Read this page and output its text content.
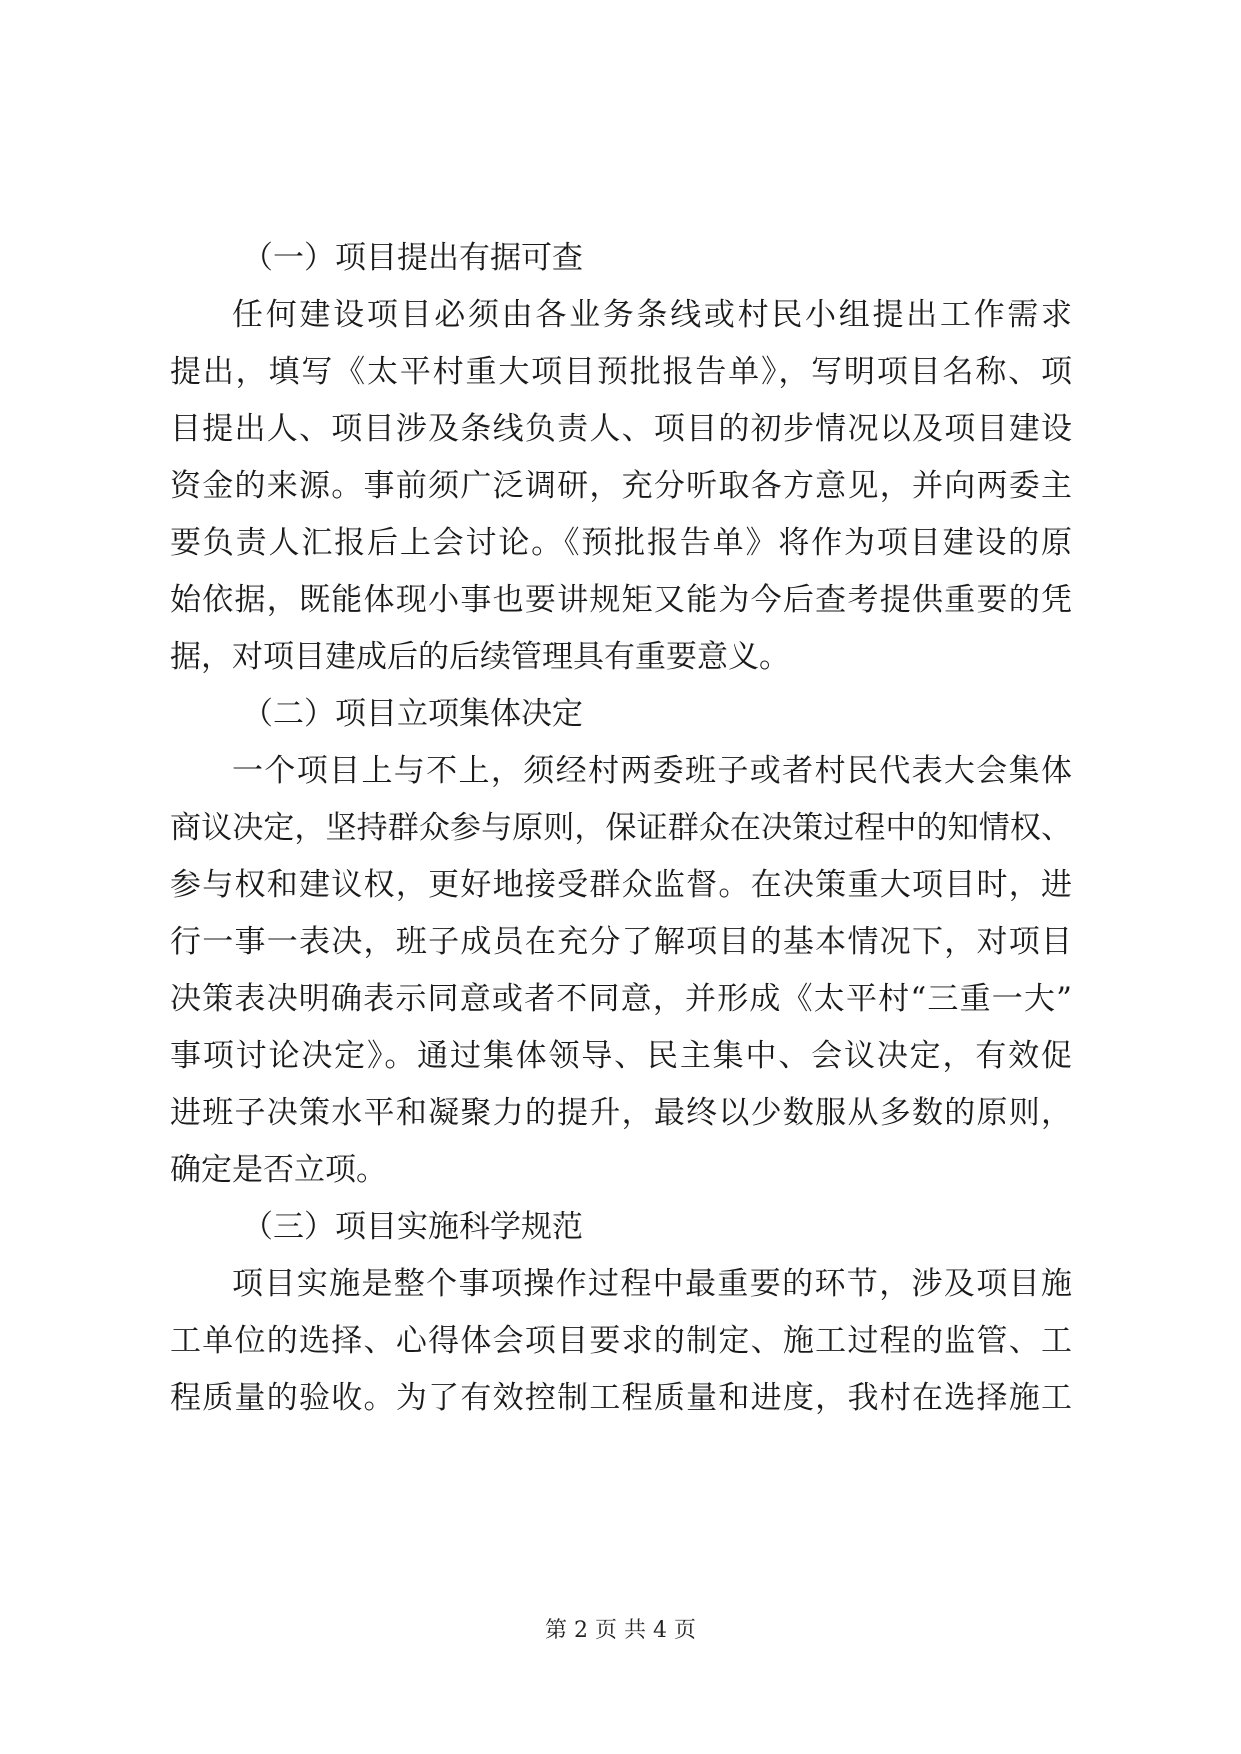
（一）项目提出有据可查

任何建设项目必须由各业务条线或村民小组提出工作需求
提出，填写《太平村重大项目预批报告单》，写明项目名称、项
目提出人、项目涉及条线负责人、项目的初步情况以及项目建设
资金的来源。事前须广泛调研，充分听取各方意见，并向两委主
要负责人汇报后上会讨论。《预批报告单》将作为项目建设的原
始依据，既能体现小事也要讲规矩又能为今后查考提供重要的凭
据，对项目建成后的后续管理具有重要意义。

（二）项目立项集体决定

一个项目上与不上，须经村两委班子或者村民代表大会集体
商议决定，坚持群众参与原则，保证群众在决策过程中的知情权、
参与权和建议权，更好地接受群众监督。在决策重大项目时，进
行一事一表决，班子成员在充分了解项目的基本情况下，对项目
决策表决明确表示同意或者不同意，并形成《太平村“三重一大”
事项讨论决定》。通过集体领导、民主集中、会议决定，有效促
进班子决策水平和凝聚力的提升，最终以少数服从多数的原则，
确定是否立项。

（三）项目实施科学规范

项目实施是整个事项操作过程中最重要的环节，涉及项目施
工单位的选择、心得体会项目要求的制定、施工过程的监管、工
程质量的验收。为了有效控制工程质量和进度，我村在选择施工

第 2 页 共 4 页
